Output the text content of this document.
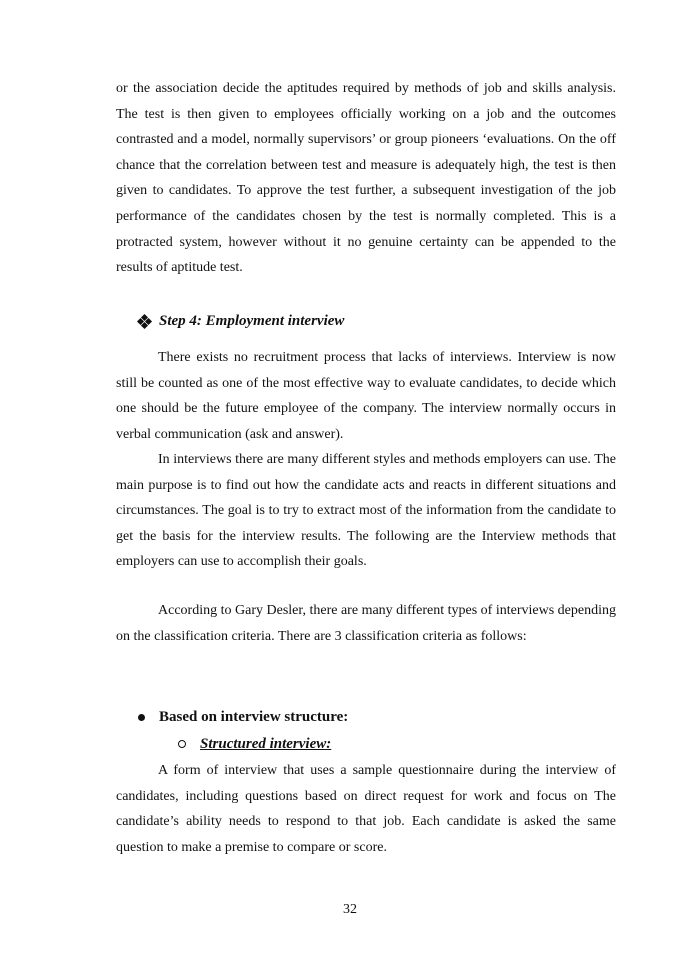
or the association decide the aptitudes required by methods of job and skills analysis. The test is then given to employees officially working on a job and the outcomes contrasted and a model, normally supervisors’ or group pioneers ‘evaluations. On the off chance that the correlation between test and measure is adequately high, the test is then given to candidates. To approve the test further, a subsequent investigation of the job performance of the candidates chosen by the test is normally completed. This is a protracted system, however without it no genuine certainty can be appended to the results of aptitude test.

Step 4: Employment interview

There exists no recruitment process that lacks of interviews. Interview is now still be counted as one of the most effective way to evaluate candidates, to decide which one should be the future employee of the company. The interview normally occurs in verbal communication (ask and answer).

In interviews there are many different styles and methods employers can use. The main purpose is to find out how the candidate acts and reacts in different situations and circumstances. The goal is to try to extract most of the information from the candidate to get the basis for the interview results. The following are the Interview methods that employers can use to accomplish their goals.

According to Gary Desler, there are many different types of interviews depending on the classification criteria. There are 3 classification criteria as follows:

Based on interview structure:
Structured interview:

A form of interview that uses a sample questionnaire during the interview of candidates, including questions based on direct request for work and focus on The candidate’s ability needs to respond to that job. Each candidate is asked the same question to make a premise to compare or score.

32
